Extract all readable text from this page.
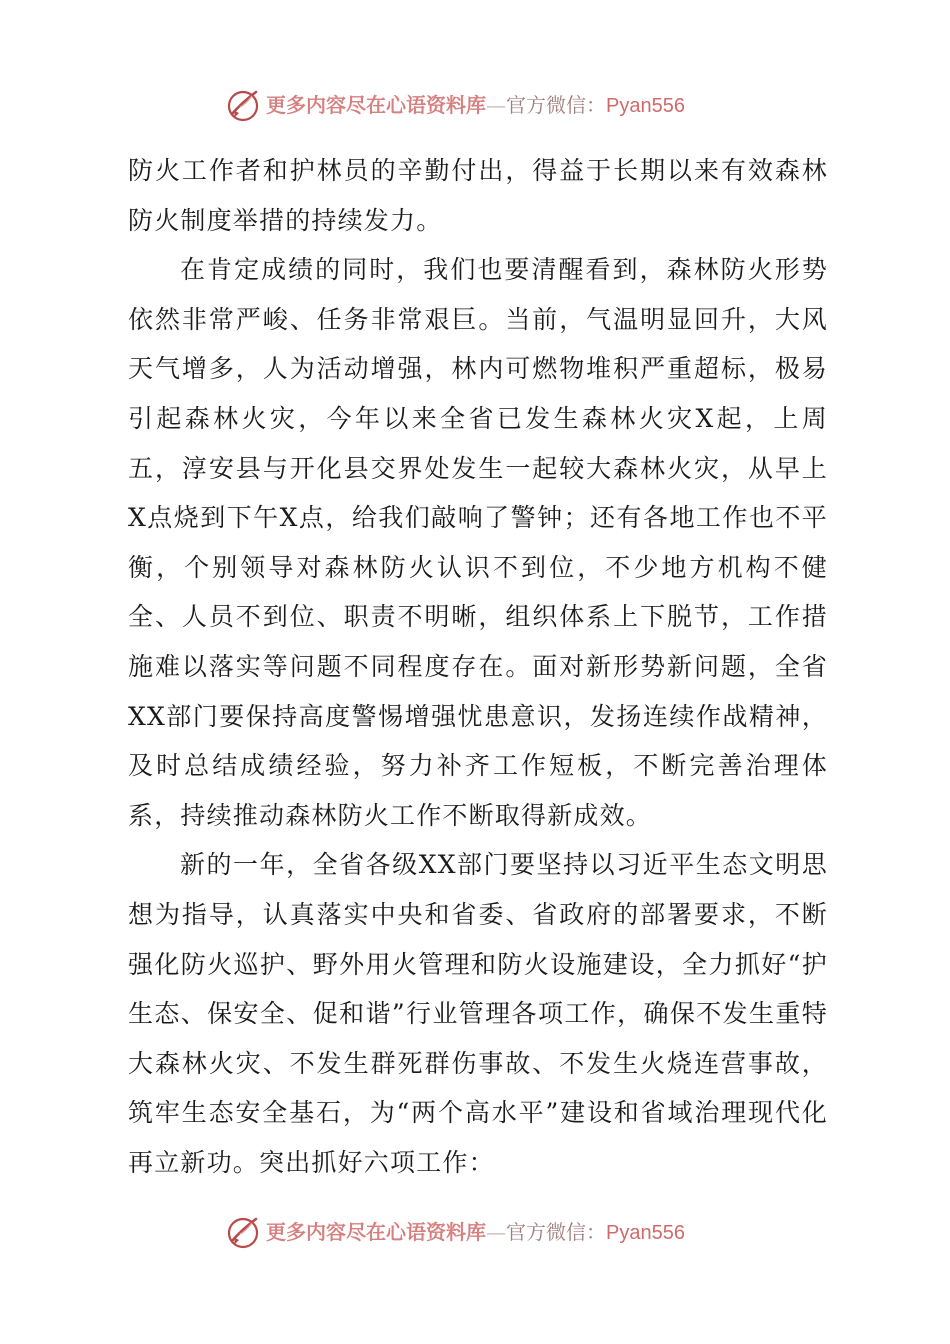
更多内容尽在心语资料库—官方微信：Pyan556

防火工作者和护林员的辛勤付出，得益于长期以来有效森林防火制度举措的持续发力。

在肯定成绩的同时，我们也要清醒看到，森林防火形势依然非常严峻、任务非常艰巨。当前，气温明显回升，大风天气增多，人为活动增强，林内可燃物堆积严重超标，极易引起森林火灾，今年以来全省已发生森林火灾X起，上周五，淳安县与开化县交界处发生一起较大森林火灾，从早上X点烧到下午X点，给我们敲响了警钟；还有各地工作也不平衡，个别领导对森林防火认识不到位，不少地方机构不健全、人员不到位、职责不明晰，组织体系上下脱节，工作措施难以落实等问题不同程度存在。面对新形势新问题，全省XX部门要保持高度警惕增强忧患意识，发扬连续作战精神，及时总结成绩经验，努力补齐工作短板，不断完善治理体系，持续推动森林防火工作不断取得新成效。

新的一年，全省各级XX部门要坚持以习近平生态文明思想为指导，认真落实中央和省委、省政府的部署要求，不断强化防火巡护、野外用火管理和防火设施建设，全力抓好“护生态、保安全、促和谐”行业管理各项工作，确保不发生重特大森林火灾、不发生群死群伤事故、不发生火烧连营事故，筑牢生态安全基石，为“两个高水平”建设和省域治理现代化再立新功。突出抓好六项工作：

更多内容尽在心语资料库—官方微信：Pyan556
